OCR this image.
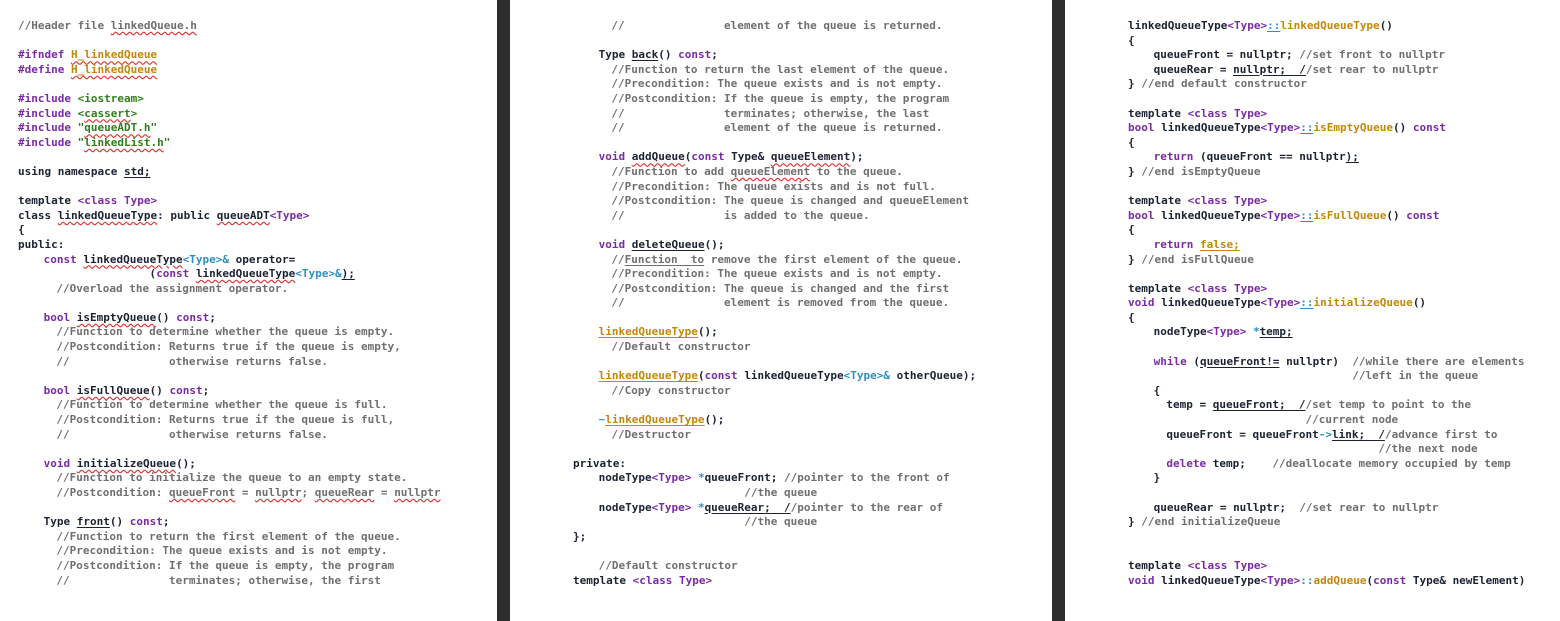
//Header file linkedQueue.h

#ifndef H_linkedQueue
#define H_linkedQueue

#include <iostream>
#include <cassert>
#include "queueADT.h"
#include "linkedList.h"

using namespace std;

template <class Type>
class linkedQueueType: public queueADT<Type>
{
public:
const linkedQueueType<Type>& operator=
(const linkedQueueType<Type>&);
//Overload the assignment operator.

bool isEmptyQueue() const;
//Function to determine whether the queue is empty.
//Postcondition: Returns true if the queue is empty,
//               otherwise returns false.

bool isFullQueue() const;
//Function to determine whether the queue is full.
//Postcondition: Returns true if the queue is full,
//               otherwise returns false.

void initializeQueue();
//Function to initialize the queue to an empty state.
//Postcondition: queueFront = nullptr; queueRear = nullptr

Type front() const;
//Function to return the first element of the queue.
//Precondition: The queue exists and is not empty.
//Postcondition: If the queue is empty, the program
//               terminates; otherwise, the first
//               element of the queue is returned.

Type back() const;
//Function to return the last element of the queue.
//Precondition: The queue exists and is not empty.
//Postcondition: If the queue is empty, the program
//               terminates; otherwise, the last
//               element of the queue is returned.

void addQueue(const Type& queueElement);
//Function to add queueElement to the queue.
//Precondition: The queue exists and is not full.
//Postcondition: The queue is changed and queueElement
//               is added to the queue.

void deleteQueue();
//Function  to remove the first element of the queue.
//Precondition: The queue exists and is not empty.
//Postcondition: The queue is changed and the first
//               element is removed from the queue.

linkedQueueType();
//Default constructor

linkedQueueType(const linkedQueueType<Type>& otherQueue);
//Copy constructor

~linkedQueueType();
//Destructor

private:
nodeType<Type> *queueFront; //pointer to the front of
//the queue
nodeType<Type> *queueRear;  //pointer to the rear of
//the queue
};

//Default constructor
template <class Type>
linkedQueueType<Type>::linkedQueueType()
{
queueFront = nullptr; //set front to nullptr
queueRear = nullptr;  //set rear to nullptr
} //end default constructor

template <class Type>
bool linkedQueueType<Type>::isEmptyQueue() const
{
return (queueFront == nullptr);
} //end isEmptyQueue

template <class Type>
bool linkedQueueType<Type>::isFullQueue() const
{
return false;
} //end isFullQueue

template <class Type>
void linkedQueueType<Type>::initializeQueue()
{
nodeType<Type> *temp;

while (queueFront!= nullptr)  //while there are elements
//left in the queue
{
temp = queueFront;  //set temp to point to the
//current node
queueFront = queueFront->link;  //advance first to
//the next node
delete temp;    //deallocate memory occupied by temp
}

queueRear = nullptr;  //set rear to nullptr
} //end initializeQueue

template <class Type>
void linkedQueueType<Type>::addQueue(const Type& newElement)
